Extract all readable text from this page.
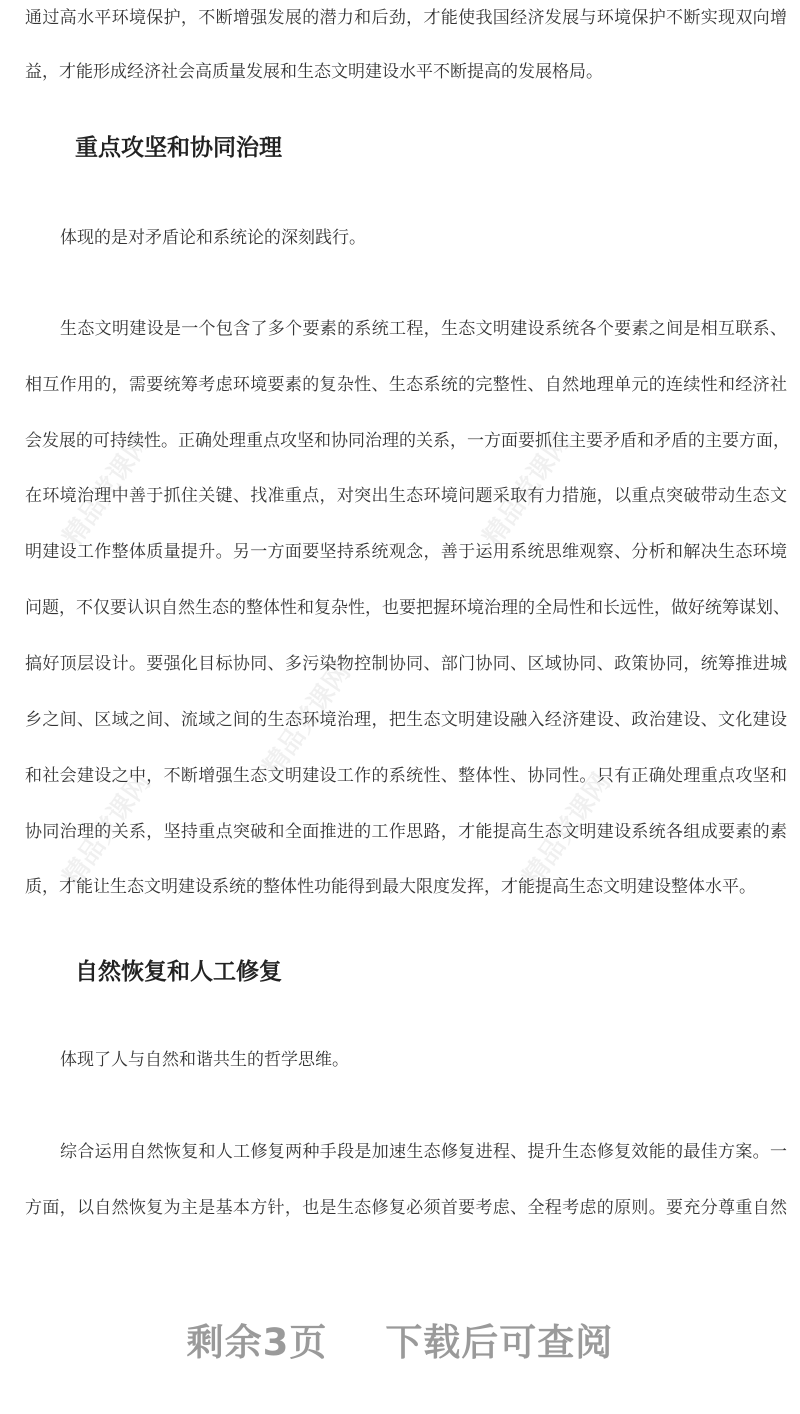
精品党课网	精品党课网
精品党课网
精品党课网	精品党课网
通过高水平环境保护，不断增强发展的潜力和后劲，才能使我国经济发展与环境保护不断实现双向增
益，才能形成经济社会高质量发展和生态文明建设水平不断提高的发展格局。
重点攻坚和协同治理
体现的是对矛盾论和系统论的深刻践行。
生态文明建设是一个包含了多个要素的系统工程，生态文明建设系统各个要素之间是相互联系、
相互作用的，需要统筹考虑环境要素的复杂性、生态系统的完整性、自然地理单元的连续性和经济社
会发展的可持续性。正确处理重点攻坚和协同治理的关系，一方面要抓住主要矛盾和矛盾的主要方面，
在环境治理中善于抓住关键、找准重点，对突出生态环境问题采取有力措施，以重点突破带动生态文
明建设工作整体质量提升。另一方面要坚持系统观念，善于运用系统思维观察、分析和解决生态环境
问题，不仅要认识自然生态的整体性和复杂性，也要把握环境治理的全局性和长远性，做好统筹谋划、
搞好顶层设计。要强化目标协同、多污染物控制协同、部门协同、区域协同、政策协同，统筹推进城
乡之间、区域之间、流域之间的生态环境治理，把生态文明建设融入经济建设、政治建设、文化建设
和社会建设之中，不断增强生态文明建设工作的系统性、整体性、协同性。只有正确处理重点攻坚和
协同治理的关系，坚持重点突破和全面推进的工作思路，才能提高生态文明建设系统各组成要素的素
质，才能让生态文明建设系统的整体性功能得到最大限度发挥，才能提高生态文明建设整体水平。
自然恢复和人工修复
体现了人与自然和谐共生的哲学思维。
综合运用自然恢复和人工修复两种手段是加速生态修复进程、提升生态修复效能的最佳方案。一
方面，以自然恢复为主是基本方针，也是生态修复必须首要考虑、全程考虑的原则。要充分尊重自然
剩余3页 下载后可查阅
